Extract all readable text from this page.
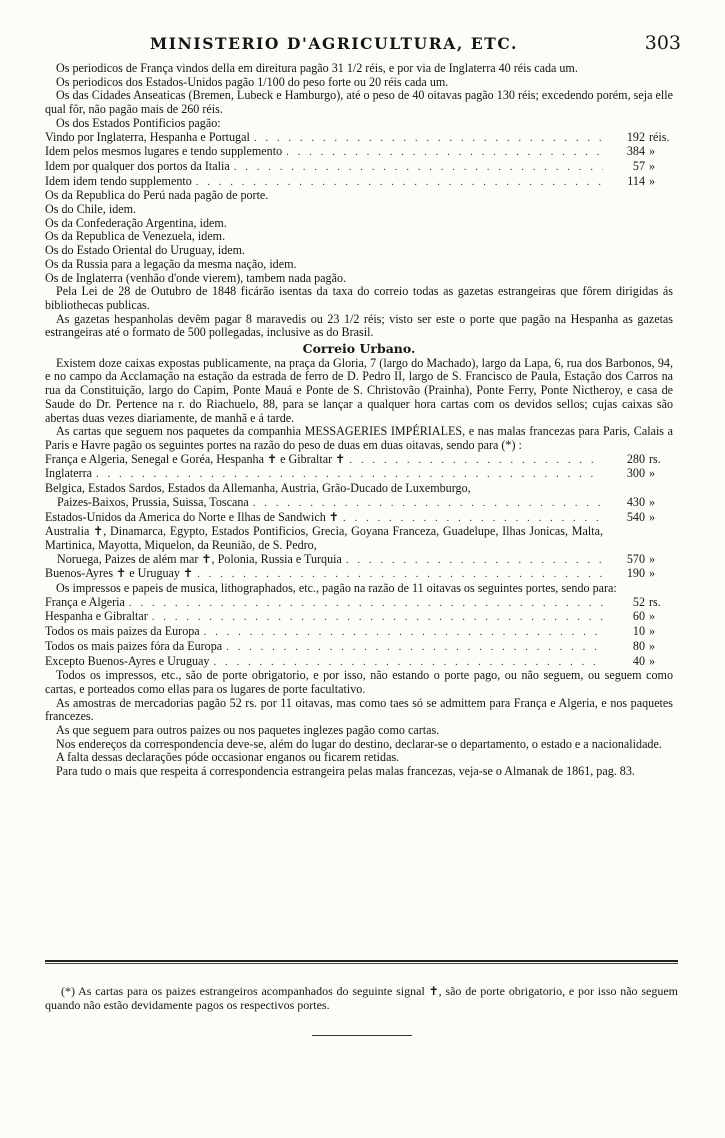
MINISTERIO D'AGRICULTURA, ETC.	303

Os periodicos de França vindos della em direitura pagão 31 1/2 réis, e por via de Inglaterra 40 réis cada um.

Os periodicos dos Estados-Unidos pagão 1/100 do peso forte ou 20 réis cada um.

Os das Cidades Anseaticas (Bremen, Lubeck e Hamburgo), até o peso de 40 oitavas pagão 130 réis; excedendo porém, seja elle qual fôr, não pagão mais de 260 réis.

Os dos Estados Pontificios pagão:

Vindo por Inglaterra, Hespanha e Portugal . . .	192 réis.
Idem pelos mesmos lugares e tendo supplemento . . .	384 »
Idem por qualquer dos portos da Italia . . .	57 »
Idem idem tendo supplemento . . .	114 »

Os da Republica do Perú nada pagão de porte.

Os do Chile, idem.

Os da Confederação Argentina, idem.

Os da Republica de Venezuela, idem.

Os do Estado Oriental do Uruguay, idem.

Os da Russia para a legação da mesma nação, idem.

Os de Inglaterra (venhão d'onde vierem), tambem nada pagão.

Pela Lei de 28 de Outubro de 1848 ficárão isentas da taxa do correio todas as gazetas estrangeiras que fôrem dirigidas ás bibliothecas publicas.

As gazetas hespanholas devêm pagar 8 maravedis ou 23 1/2 réis; visto ser este o porte que pagão na Hespanha as gazetas estrangeiras até o formato de 500 pollegadas, inclusive as do Brasil.

Correio Urbano.

Existem doze caixas expostas publicamente, na praça da Gloria, 7 (largo do Machado), largo da Lapa, 6, rua dos Barbonos, 94, e no campo da Acclamação na estação da estrada de ferro de D. Pedro II, largo de S. Francisco de Paula, Estação dos Carros na rua da Constituição, largo do Capim, Ponte Mauá e Ponte de S. Christovão (Prainha), Ponte Ferry, Ponte Nictheroy, e casa de Saude do Dr. Pertence na r. do Riachuelo, 88, para se lançar a qualquer hora cartas com os devidos sellos; cujas caixas são abertas duas vezes diariamente, de manhã e á tarde.

As cartas que seguem nos paquetes da companhia MESSAGERIES IMPÉRIALES, e nas malas francezas para Paris, Calais a Paris e Havre pagão os seguintes portes na razão do peso de duas em duas oitavas, sendo para (*) :

França e Algeria, Senegal e Goréa, Hespanha ✝ e Gibraltar ✝ . . .	280 rs.
Inglaterra . . .	300 »

Belgica, Estados Sardos, Estados da Allemanha, Austria, Grão-Ducado de Luxemburgo,

Paizes-Baixos, Prussia, Suissa, Toscana . . .	430 »
Estados-Unidos da America do Norte e Ilhas de Sandwich ✝ . . .	540 »

Australia ✝, Dinamarca, Egypto, Estados Pontificios, Grecia, Goyana Franceza, Guadelupe, Ilhas Jonicas, Malta, Martinica, Mayotta, Miquelon, da Reunião, de S. Pedro,

Noruega, Paizes de além mar ✝, Polonia, Russia e Turquia . . .	570 »
Buenos-Ayres ✝ e Uruguay ✝ . . .	190 »

Os impressos e papeis de musica, lithographados, etc., pagão na razão de 11 oitavas os seguintes portes, sendo para:

França e Algeria . . .	52 rs.
Hespanha e Gibraltar . . .	60 »
Todos os mais paizes da Europa . . .	10 »
Todos os mais paizes fóra da Europa . . .	80 »
Excepto Buenos-Ayres e Uruguay . . .	40 »

Todos os impressos, etc., são de porte obrigatorio, e por isso, não estando o porte pago, ou não seguem, ou seguem como cartas, e porteados como ellas para os lugares de porte facultativo.

As amostras de mercadorias pagão 52 rs. por 11 oitavas, mas como taes só se admittem para França e Algeria, e nos paquetes francezes.

As que seguem para outros paizes ou nos paquetes inglezes pagão como cartas.

Nos endereços da correspondencia deve-se, além do lugar do destino, declarar-se o departamento, o estado e a nacionalidade.

A falta dessas declarações póde occasionar enganos ou ficarem retidas.

Para tudo o mais que respeita á correspondencia estrangeira pelas malas francezas, veja-se o Almanak de 1861, pag. 83.

(*) As cartas para os paizes estrangeiros acompanhados do seguinte signal ✝, são de porte obrigatorio, e por isso não seguem quando não estão devidamente pagos os respectivos portes.
